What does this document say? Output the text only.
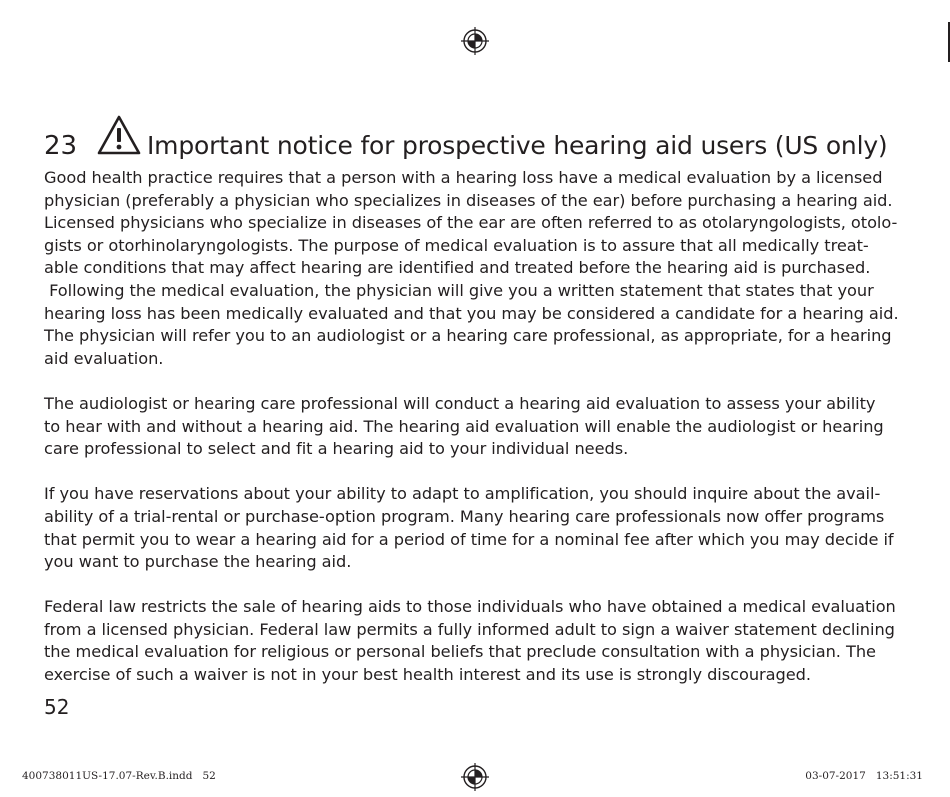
23	Important notice for prospective hearing aid users (US only)

Good health practice requires that a person with a hearing loss have a medical evaluation by a licensed
physician (preferably a physician who specializes in diseases of the ear) before purchasing a hearing aid.
Licensed physicians who specialize in diseases of the ear are often referred to as otolaryngologists, otolo-
gists or otorhinolaryngologists. The purpose of medical evaluation is to assure that all medically treat-
able conditions that may affect hearing are identified and treated before the hearing aid is purchased.
Following the medical evaluation, the physician will give you a written statement that states that your
hearing loss has been medically evaluated and that you may be considered a candidate for a hearing aid.
The physician will refer you to an audiologist or a hearing care professional, as appropriate, for a hearing
aid evaluation.

The audiologist or hearing care professional will conduct a hearing aid evaluation to assess your ability
to hear with and without a hearing aid. The hearing aid evaluation will enable the audiologist or hearing
care professional to select and fit a hearing aid to your individual needs.

If you have reservations about your ability to adapt to amplification, you should inquire about the avail-
ability of a trial-rental or purchase-option program. Many hearing care professionals now offer programs
that permit you to wear a hearing aid for a period of time for a nominal fee after which you may decide if
you want to purchase the hearing aid.

Federal law restricts the sale of hearing aids to those individuals who have obtained a medical evaluation
from a licensed physician. Federal law permits a fully informed adult to sign a waiver statement declining
the medical evaluation for religious or personal beliefs that preclude consultation with a physician. The
exercise of such a waiver is not in your best health interest and its use is strongly discouraged.

52
400738011US-17.07-Rev.B.indd 52	03-07-2017 13:51:31
